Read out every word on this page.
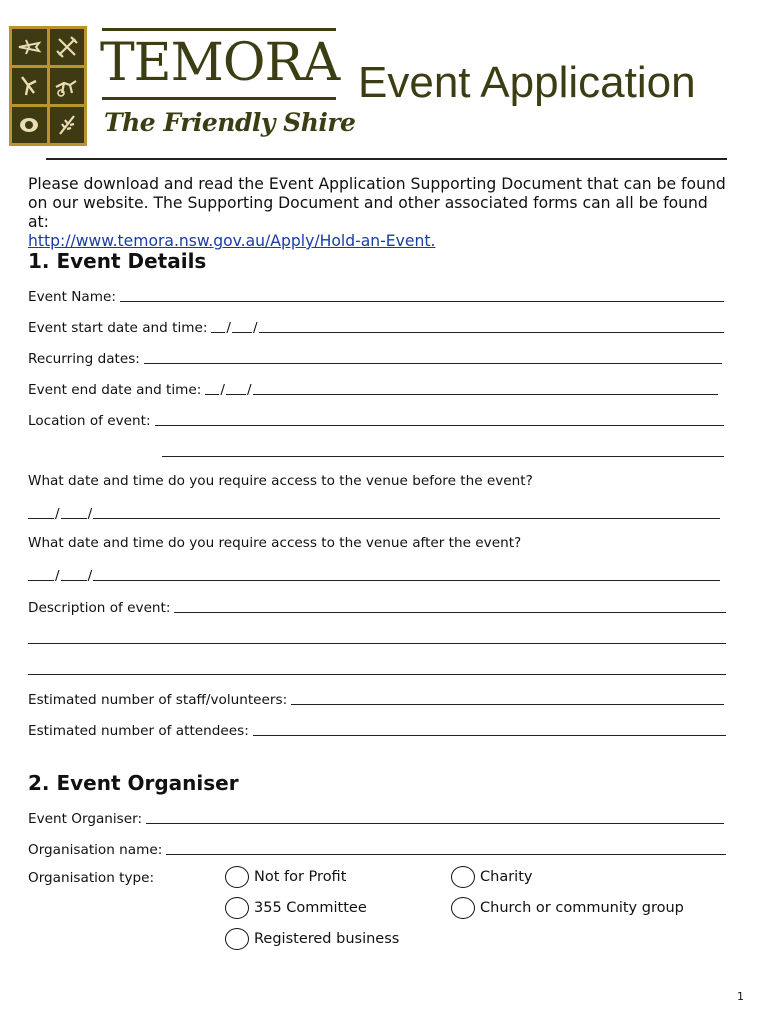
TEMORA
The Friendly Shire
Event Application
Please download and read the Event Application Supporting Document that can be found
on our website. The Supporting Document and other associated forms can all be found at:
http://www.temora.nsw.gov.au/Apply/Hold-an-Event.
1. Event Details
Event Name:
Event start date and time: / /
Recurring dates:
Event end date and time: / /
Location of event:
What date and time do you require access to the venue before the event?
/ /
What date and time do you require access to the venue after the event?
/ /
Description of event:
Estimated number of staff/volunteers:
Estimated number of attendees:
2. Event Organiser
Event Organiser:
Organisation name:
Organisation type:	Not for Profit	Charity
355 Committee	Church or community group
Registered business
1
